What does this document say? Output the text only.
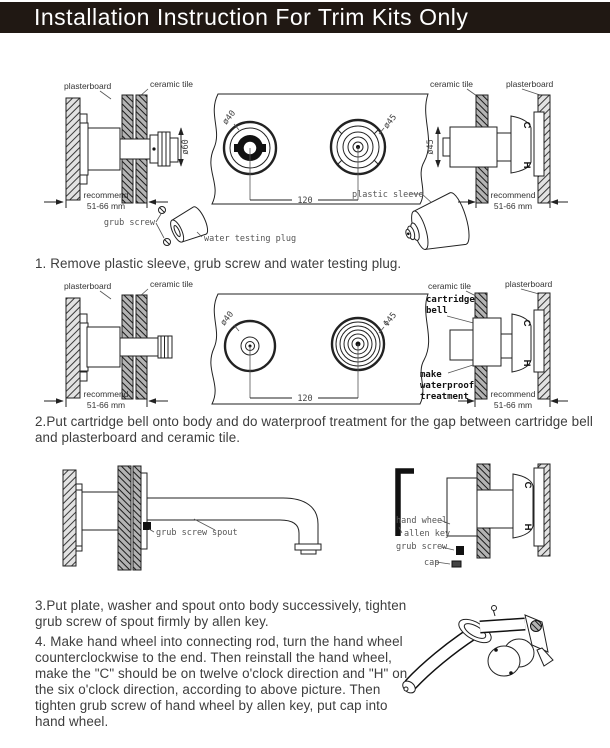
Installation Instruction For Trim Kits Only
plasterboard	ceramic tile
ø60
recommend
51-66 mm
ø40	ø45
120
grub screw
water testing plug
plastic sleeve
ceramic tile	plasterboard
C
H
ø45
recommend
51-66 mm
1. Remove plastic sleeve, grub screw and water testing plug.
plasterboard	ceramic tile
recommend
51-66 mm
ø40	Φ45
120
ceramic tile	plasterboard
cartridge
bell
C
H
make
waterproof
treatment	recommend
51-66 mm
2.Put cartridge bell onto body and do waterproof treatment for the gap between cartridge bell and plasterboard and ceramic tile.
grub screw spout
C
H
hand wheel
allen key
grub screw
cap
3.Put plate, washer and spout onto body successively, tighten grub screw of spout firmly by allen key.
4. Make hand wheel into connecting rod, turn the hand wheel counterclockwise to the end. Then reinstall the hand wheel, make the "C" should be on twelve o'clock direction and "H" on the six o'clock direction, according to above picture. Then tighten grub screw of hand wheel by allen key, put cap into hand wheel.
